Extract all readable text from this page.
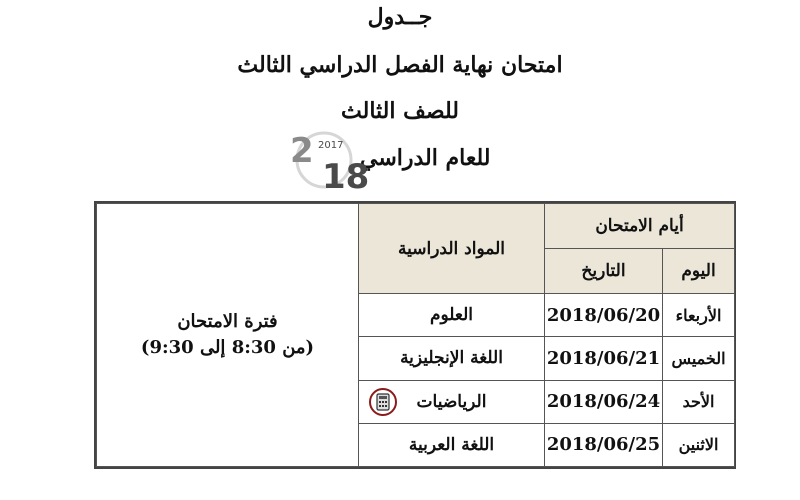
جــدول
امتحان نهاية الفصل الدراسي الثالث
للصف الثالث
للعام الدراسي
2 2017
18
أيام الامتحان		المواد الدراسية	فترة الامتحان
(من 8:30 إلى 9:30)

اليوم	التاريخ		
الأربعاء	2018/06/20	العلوم	
الخميس	2018/06/21	اللغة الإنجليزية	
الأحد	2018/06/24	الرياضيات	

الاثنين	2018/06/25	اللغة العربية	
